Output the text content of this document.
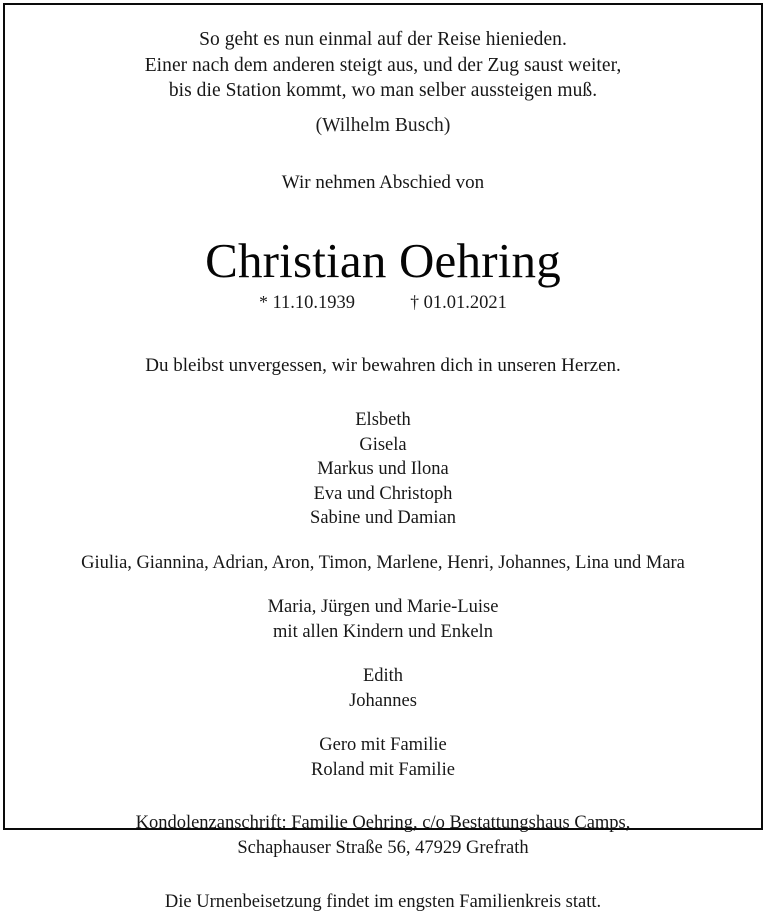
So geht es nun einmal auf der Reise hienieden.
Einer nach dem anderen steigt aus, und der Zug saust weiter,
bis die Station kommt, wo man selber aussteigen muß.
(Wilhelm Busch)
Wir nehmen Abschied von
Christian Oehring
* 11.10.1939	† 01.01.2021
Du bleibst unvergessen, wir bewahren dich in unseren Herzen.
Elsbeth
Gisela
Markus und Ilona
Eva und Christoph
Sabine und Damian
Giulia, Giannina, Adrian, Aron, Timon, Marlene, Henri, Johannes, Lina und Mara
Maria, Jürgen und Marie-Luise
mit allen Kindern und Enkeln
Edith
Johannes
Gero mit Familie
Roland mit Familie
Kondolenzanschrift: Familie Oehring, c/o Bestattungshaus Camps,
Schaphauser Straße 56, 47929 Grefrath
Die Urnenbeisetzung findet im engsten Familienkreis statt.
